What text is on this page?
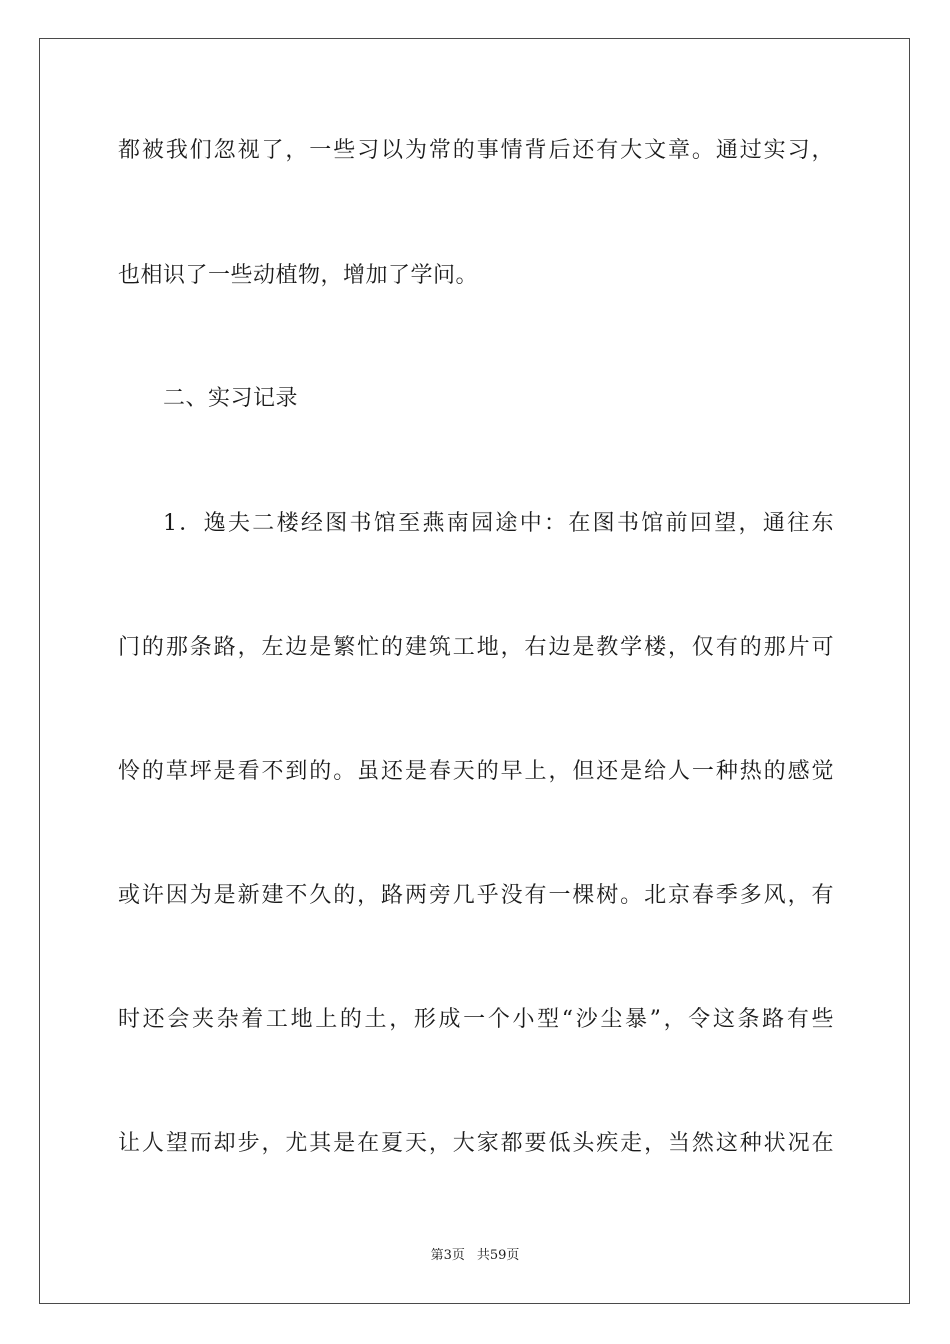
都被我们忽视了，一些习以为常的事情背后还有大文章。通过实习，
也相识了一些动植物，增加了学问。
二、实习记录
1．逸夫二楼经图书馆至燕南园途中：在图书馆前回望，通往东
门的那条路，左边是繁忙的建筑工地，右边是教学楼，仅有的那片可
怜的草坪是看不到的。虽还是春天的早上，但还是给人一种热的感觉
或许因为是新建不久的，路两旁几乎没有一棵树。北京春季多风，有
时还会夹杂着工地上的土，形成一个小型“沙尘暴”，令这条路有些
让人望而却步，尤其是在夏天，大家都要低头疾走，当然这种状况在
第3页 共59页
